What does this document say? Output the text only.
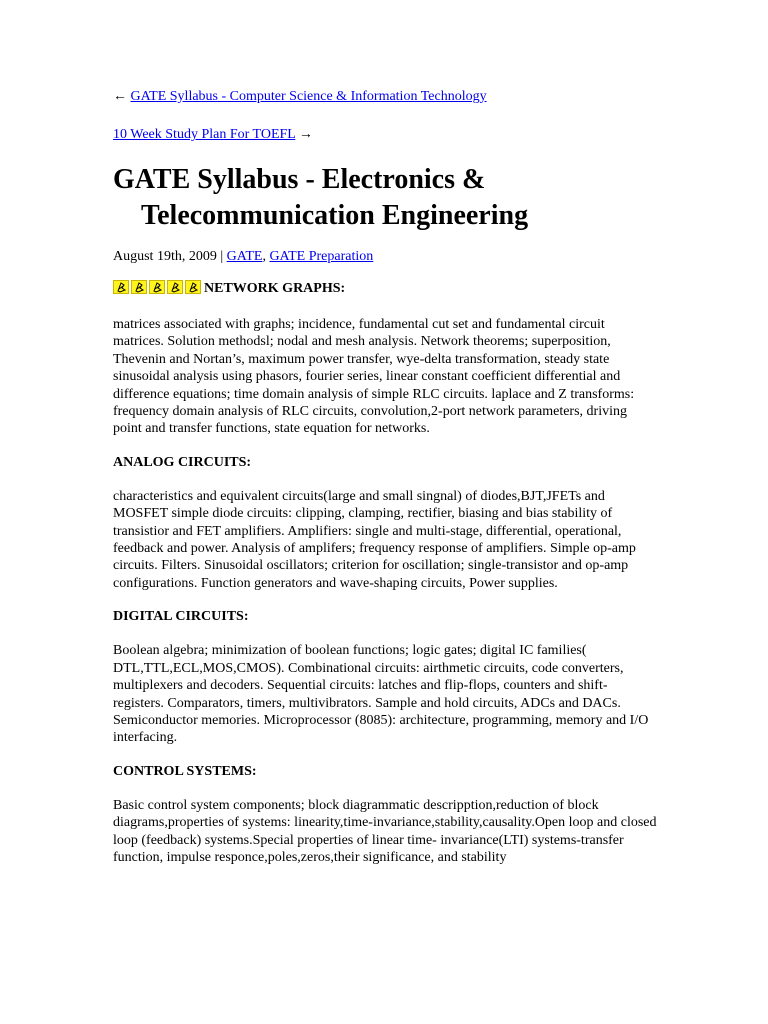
← GATE Syllabus - Computer Science & Information Technology
10 Week Study Plan For TOEFL →
GATE Syllabus - Electronics & Telecommunication Engineering
August 19th, 2009 | GATE, GATE Preparation
NETWORK GRAPHS:

matrices associated with graphs; incidence, fundamental cut set and fundamental circuit matrices. Solution methodsl; nodal and mesh analysis. Network theorems; superposition, Thevenin and Nortan’s, maximum power transfer, wye-delta transformation, steady state sinusoidal analysis using phasors, fourier series, linear constant coefficient differential and difference equations; time domain analysis of simple RLC circuits. laplace and Z transforms: frequency domain analysis of RLC circuits, convolution,2-port network parameters, driving point and transfer functions, state equation for networks.

ANALOG CIRCUITS:

characteristics and equivalent circuits(large and small singnal) of diodes,BJT,JFETs and MOSFET simple diode circuits: clipping, clamping, rectifier, biasing and bias stability of transistior and FET amplifiers. Amplifiers: single and multi-stage, differential, operational, feedback and power. Analysis of amplifers; frequency response of amplifiers. Simple op-amp circuits. Filters. Sinusoidal oscillators; criterion for oscillation; single-transistor and op-amp configurations. Function generators and wave-shaping circuits, Power supplies.

DIGITAL CIRCUITS:

Boolean algebra; minimization of boolean functions; logic gates; digital IC families( DTL,TTL,ECL,MOS,CMOS). Combinational circuits: airthmetic circuits, code converters, multiplexers and decoders. Sequential circuits: latches and flip-flops, counters and shift-registers. Comparators, timers, multivibrators. Sample and hold circuits, ADCs and DACs. Semiconductor memories. Microprocessor (8085): architecture, programming, memory and I/O interfacing.

CONTROL SYSTEMS:

Basic control system components; block diagrammatic descripption,reduction of block diagrams,properties of systems: linearity,time-invariance,stability,causality.Open loop and closed loop (feedback) systems.Special properties of linear time- invariance(LTI) systems-transfer function, impulse responce,poles,zeros,their significance, and stability
